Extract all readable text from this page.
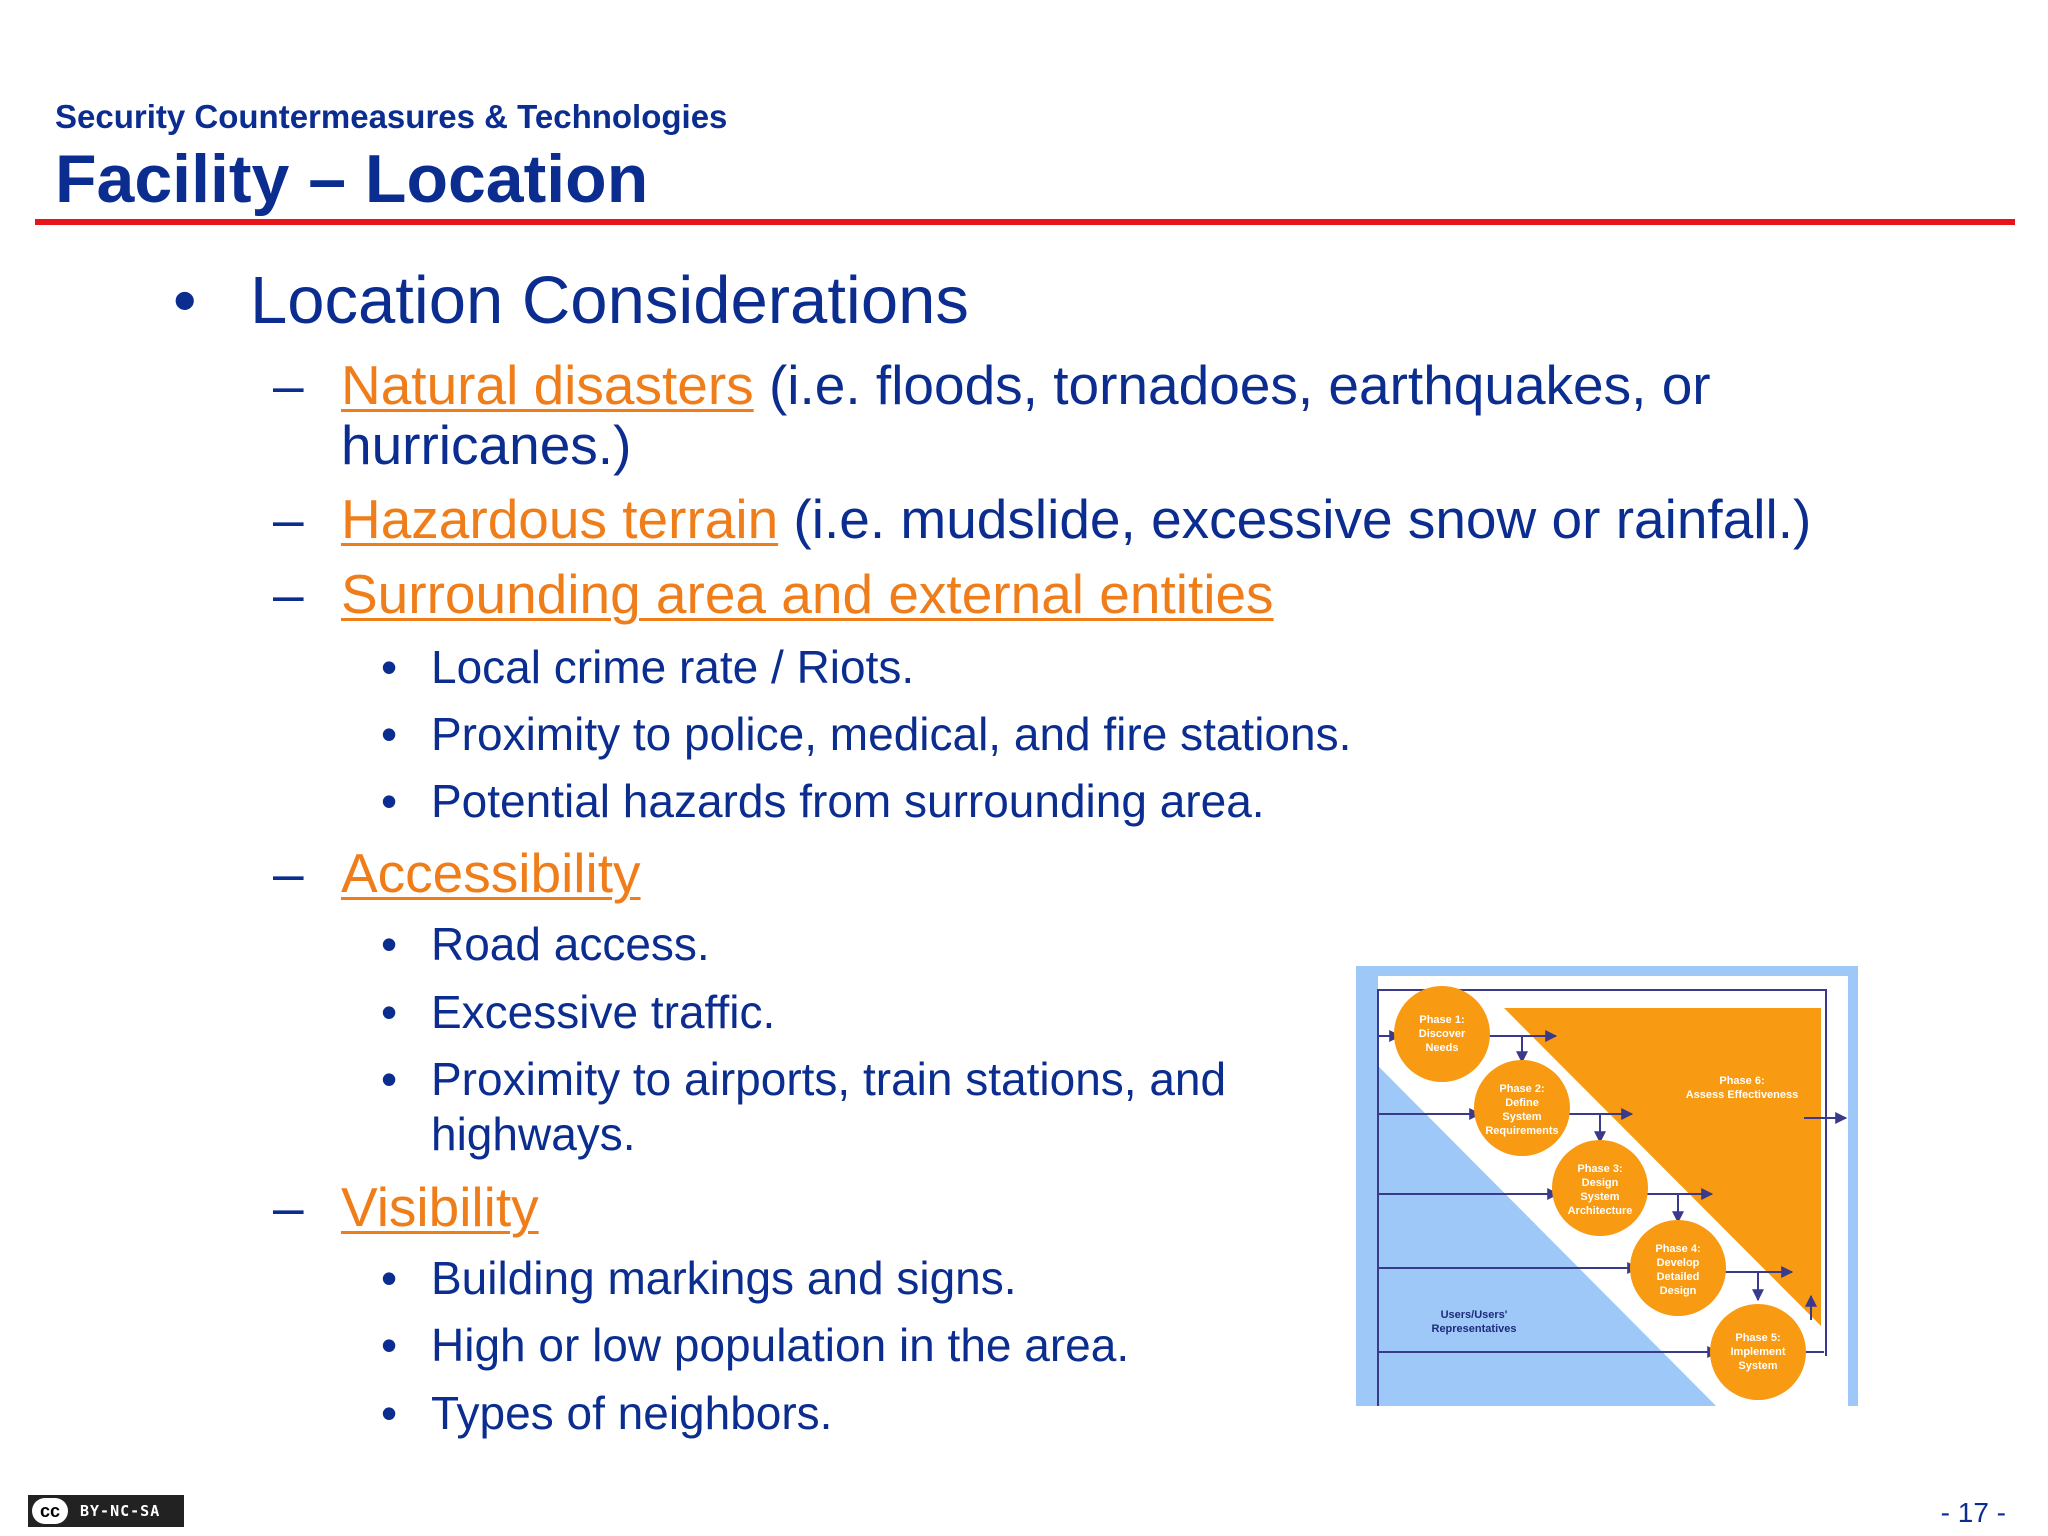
Security Countermeasures & Technologies
Facility – Location
• Location Considerations
– Natural disasters (i.e. floods, tornadoes, earthquakes, or
hurricanes.)
– Hazardous terrain (i.e. mudslide, excessive snow or rainfall.)
– Surrounding area and external entities
• Local crime rate / Riots.
• Proximity to police, medical, and fire stations.
• Potential hazards from surrounding area.
– Accessibility
• Road access.
• Excessive traffic.
• Proximity to airports, train stations, and
highways.
– Visibility
• Building markings and signs.
• High or low population in the area.
• Types of neighbors.
Phase 1: Discover Needs
Phase 2: Define System Requirements
Phase 3: Design System Architecture
Phase 4: Develop Detailed Design
Phase 5: Implement System
Phase 6: Assess Effectiveness
Users/Users' Representatives
cc	BY-NC-SA	- 17 -
